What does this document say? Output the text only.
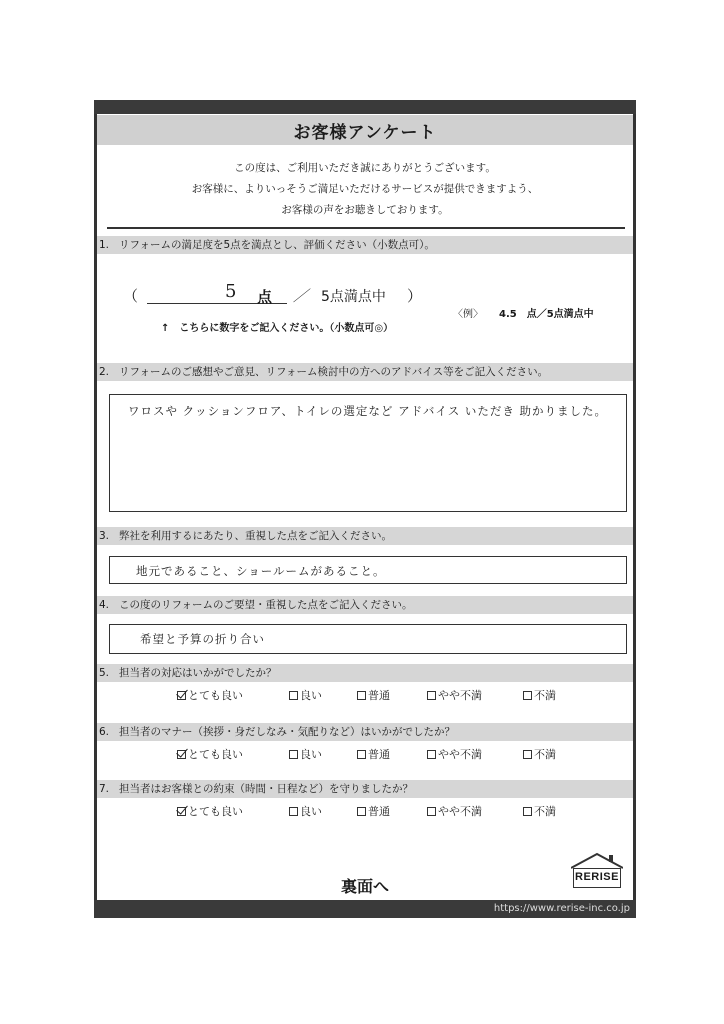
お客様アンケート
この度は、ご利用いただき誠にありがとうございます。
お客様に、よりいっそうご満足いただけるサービスが提供できますよう、
お客様の声をお聴きしております。
1. リフォームの満足度を5点を満点とし、評価ください（小数点可）。
（	5 点 ／ 5点満点中 ）
〈例〉 4.5　点／5点満点中
↑　こちらに数字をご記入ください。（小数点可◎）
2. リフォームのご感想やご意見、リフォーム検討中の方へのアドバイス等をご記入ください。
ワロスや クッションフロア、トイレの選定など アドバイス いただき 助かりました。
3. 弊社を利用するにあたり、重視した点をご記入ください。
地元であること、ショールームがあること。
4. この度のリフォームのご要望・重視した点をご記入ください。
希望と予算の折り合い
5. 担当者の対応はいかがでしたか？
とても良い	良い	普通	やや不満	不満
6. 担当者のマナー（挨拶・身だしなみ・気配りなど）はいかがでしたか？
とても良い	良い	普通	やや不満	不満
7. 担当者はお客様との約束（時間・日程など）を守りましたか？
とても良い	良い	普通	やや不満	不満
裏面へ	RERISE
https://www.rerise-inc.co.jp
